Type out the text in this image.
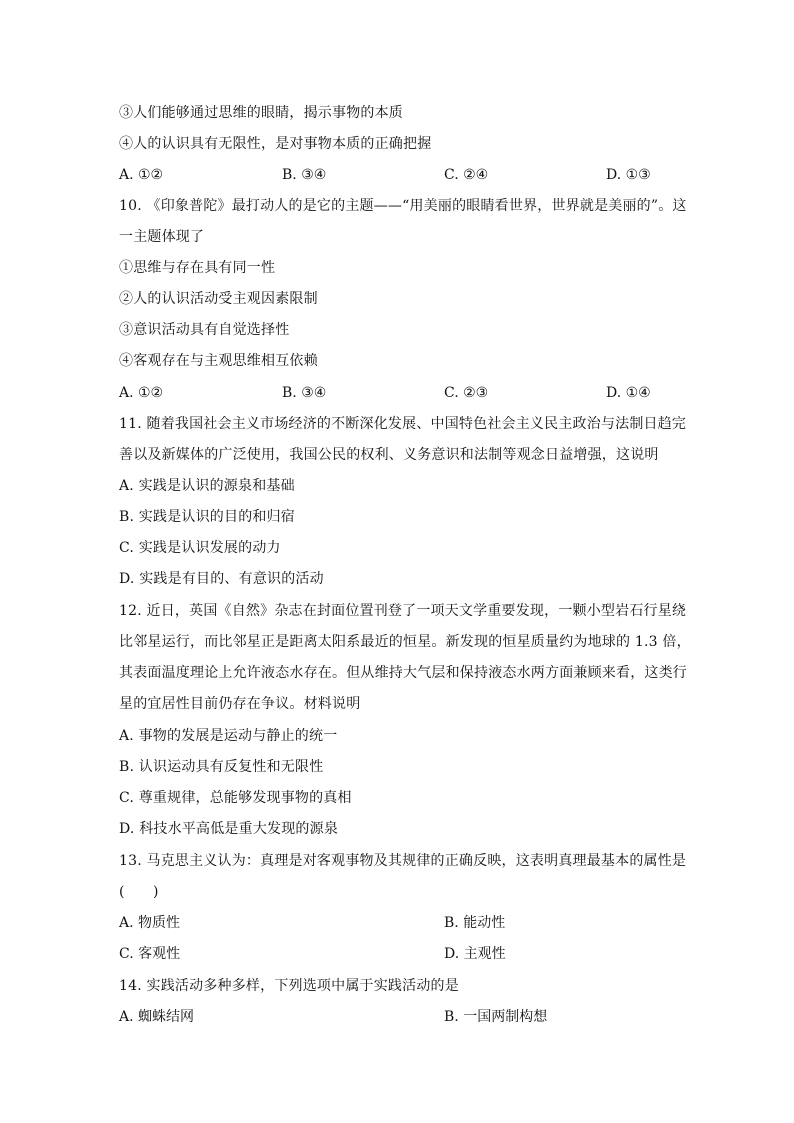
③人们能够通过思维的眼睛，揭示事物的本质
④人的认识具有无限性，是对事物本质的正确把握
A. ①②	B. ③④	C. ②④	D. ①③
10. 《印象普陀》最打动人的是它的主题——“用美丽的眼睛看世界，世界就是美丽的”。这
一主题体现了
①思维与存在具有同一性
②人的认识活动受主观因素限制
③意识活动具有自觉选择性
④客观存在与主观思维相互依赖
A. ①②	B. ③④	C. ②③	D. ①④
11. 随着我国社会主义市场经济的不断深化发展、中国特色社会主义民主政治与法制日趋完
善以及新媒体的广泛使用，我国公民的权利、义务意识和法制等观念日益增强，这说明
A. 实践是认识的源泉和基础
B. 实践是认识的目的和归宿
C. 实践是认识发展的动力
D. 实践是有目的、有意识的活动
12. 近日，英国《自然》杂志在封面位置刊登了一项天文学重要发现，一颗小型岩石行星绕
比邻星运行，而比邻星正是距离太阳系最近的恒星。新发现的恒星质量约为地球的 1.3 倍，
其表面温度理论上允许液态水存在。但从维持大气层和保持液态水两方面兼顾来看，这类行
星的宜居性目前仍存在争议。材料说明
A. 事物的发展是运动与静止的统一
B. 认识运动具有反复性和无限性
C. 尊重规律，总能够发现事物的真相
D. 科技水平高低是重大发现的源泉
13. 马克思主义认为：真理是对客观事物及其规律的正确反映，这表明真理最基本的属性是
(　　)
A. 物质性	B. 能动性
C. 客观性	D. 主观性
14. 实践活动多种多样，下列选项中属于实践活动的是
A. 蜘蛛结网	B. 一国两制构想
